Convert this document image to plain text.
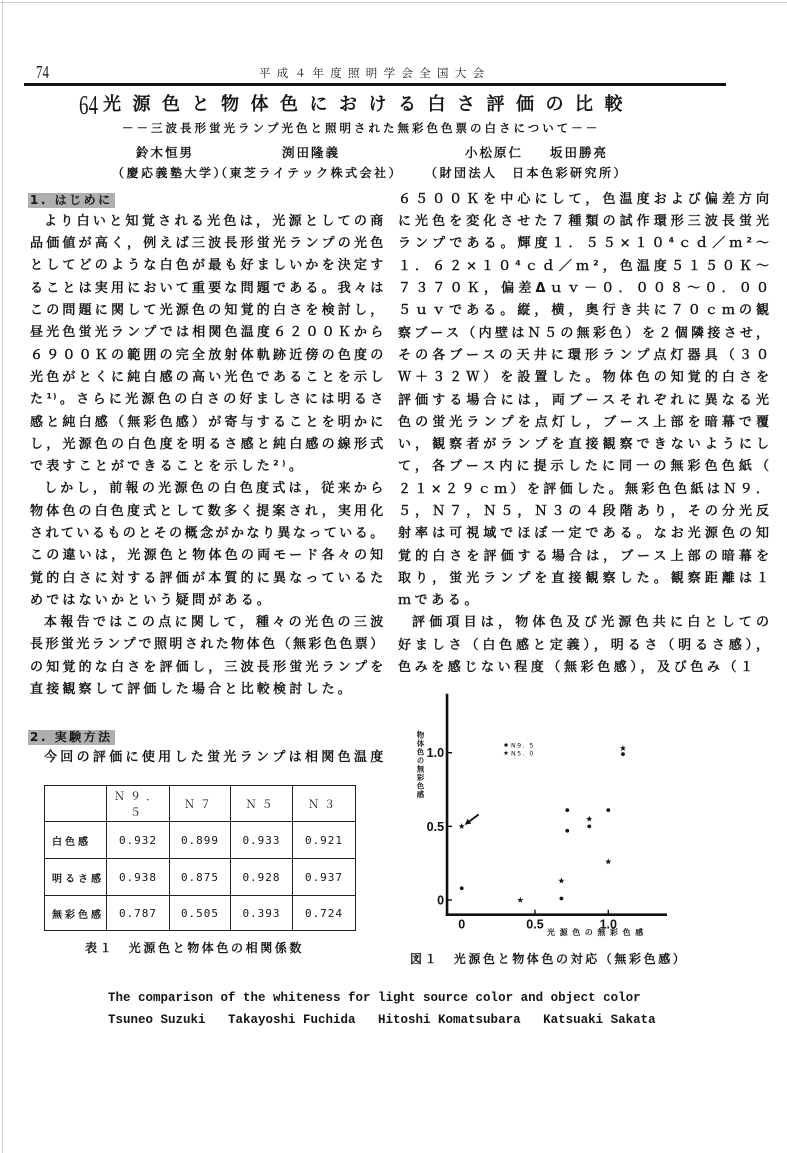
74	平成４年度照明学会全国大会
64 光源色と物体色における白さ評価の比較
－－三波長形蛍光ランプ光色と照明された無彩色色票の白さについて－－
鈴木恒男	渕田隆義	小松原仁 坂田勝亮
（慶応義塾大学）
（東芝ライテック株式会社） （財団法人　日本色彩研究所）
1. はじめに
より白いと知覚される光色は，光源としての商
品価値が高く，例えば三波長形蛍光ランプの光色
としてどのような白色が最も好ましいかを決定す
ることは実用において重要な問題である。我々は
この問題に関して光源色の知覚的白さを検討し，
昼光色蛍光ランプでは相関色温度６２００Ｋから
６９００Ｋの範囲の完全放射体軌跡近傍の色度の
光色がとくに純白感の高い光色であることを示し
た¹⁾。さらに光源色の白さの好ましさには明るさ
感と純白感（無彩色感）が寄与することを明かに
し，光源色の白色度を明るさ感と純白感の線形式
で表すことができることを示した²⁾。
しかし，前報の光源色の白色度式は，従来から
物体色の白色度式として数多く提案され，実用化
されているものとその概念がかなり異なっている。
この違いは，光源色と物体色の両モード各々の知
覚的白さに対する評価が本質的に異なっているた
めではないかという疑問がある。
本報告ではこの点に関して，種々の光色の三波
長形蛍光ランプで照明された物体色（無彩色色票）
の知覚的な白さを評価し，三波長形蛍光ランプを
直接観察して評価した場合と比較検討した。
2. 実験方法
今回の評価に使用した蛍光ランプは相関色温度
	Ｎ９．５	Ｎ７	Ｎ５	Ｎ３
白色感	0.932	0.899	0.933	0.921
明るさ感	0.938	0.875	0.928	0.937
無彩色感	0.787	0.505	0.393	0.724
表１　光源色と物体色の相関係数
６５００Ｋを中心にして，色温度および偏差方向
に光色を変化させた７種類の試作環形三波長蛍光
ランプである。輝度１．５５×１０⁴ｃｄ／ｍ²～
１．６２×１０⁴ｃｄ／ｍ²，色温度５１５０Ｋ～
７３７０Ｋ，偏差Δｕｖ－０．００８～０．００
５ｕｖである。縦，横，奥行き共に７０ｃｍの観
察ブース（内壁はＮ５の無彩色）を２個隣接させ，
その各ブースの天井に環形ランプ点灯器具（３０
Ｗ＋３２Ｗ）を設置した。物体色の知覚的白さを
評価する場合には，両ブースそれぞれに異なる光
色の蛍光ランプを点灯し，ブース上部を暗幕で覆
い，観察者がランプを直接観察できないようにし
て，各ブース内に提示したに同一の無彩色色紙（
２１×２９ｃｍ）を評価した。無彩色色紙はＮ９．
５，Ｎ７，Ｎ５，Ｎ３の４段階あり，その分光反
射率は可視域でほぼ一定である。なお光源色の知
覚的白さを評価する場合は，ブース上部の暗幕を
取り，蛍光ランプを直接観察した。観察距離は１
ｍである。
評価項目は，物体色及び光源色共に白としての
好ましさ（白色感と定義），明るさ（明るさ感），
色みを感じない程度（無彩色感），及び色み（１
物体色の無彩色感
0
0.5
1.0
0	0.5	1.0
N9. 5
N5. 0
光源色の無彩色感
図１　光源色と物体色の対応（無彩色感）
The comparison of the whiteness for light source color and object color
Tsuneo Suzuki   Takayoshi Fuchida   Hitoshi Komatsubara   Katsuaki Sakata
